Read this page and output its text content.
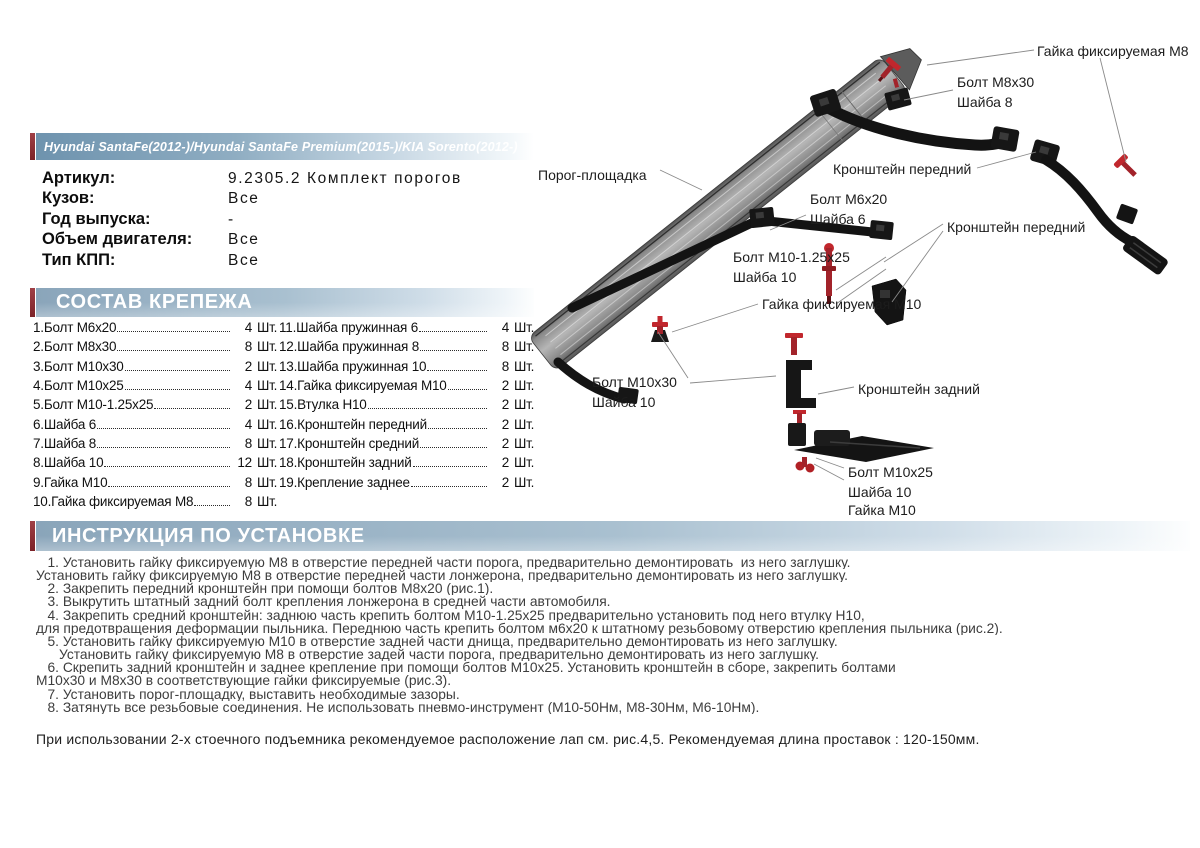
Порог-площадка
Гайка фиксируемая М8
Болт М8х30
Шайба 8
Кронштейн передний
Болт М6х20
Шайба 6	Кронштейн передний
Болт М10-1.25х25
Шайба 10
Гайка фиксируемая М10
Болт М10х30
Шайба 10
Кронштейн задний
Болт М10х25
Шайба 10
Гайка М10
Hyundai SantaFe(2012-)/Hyundai SantaFe Premium(2015-)/KIA Sorento(2012-)
Артикул:	9.2305.2 Комплект порогов
Кузов:	Все
Год выпуска:	-
Объем двигателя:	Все
Тип КПП:	Все
СОСТАВ КРЕПЕЖА
1.Болт М6х20	4 Шт.
2.Болт М8х30	8 Шт.
3.Болт М10х30	2 Шт.
4.Болт М10х25	4 Шт.
5.Болт М10-1.25х25	2 Шт.
6.Шайба 6	4 Шт.
7.Шайба 8	8 Шт.
8.Шайба 10	12 Шт.
9.Гайка М10	8 Шт.
10.Гайка фиксируемая М8	8 Шт.
11.Шайба пружинная 6	4 Шт.
12.Шайба пружинная 8	8 Шт.
13.Шайба пружинная 10	8 Шт.
14.Гайка фиксируемая М10	2 Шт.
15.Втулка Н10	2 Шт.
16.Кронштейн передний	2 Шт.
17.Кронштейн средний	2 Шт.
18.Кронштейн задний	2 Шт.
19.Крепление заднее	2 Шт.
ИНСТРУКЦИЯ ПО УСТАНОВКЕ
1. Установить гайку фиксируемую М8 в отверстие передней части порога, предварительно демонтировать  из него заглушку.
Установить гайку фиксируемую М8 в отверстие передней части лонжерона, предварительно демонтировать из него заглушку.
2. Закрепить передний кронштейн при помощи болтов М8х20 (рис.1).
3. Выкрутить штатный задний болт крепления лонжерона в средней части автомобиля.
4. Закрепить средний кронштейн: заднюю часть крепить болтом М10-1.25х25 предварительно установить под него втулку Н10,
для предотвращения деформации пыльника. Переднюю часть крепить болтом м6х20 к штатному резьбовому отверстию крепления пыльника (рис.2).
5. Установить гайку фиксируемую М10 в отверстие задней части днища, предварительно демонтировать из него заглушку.
Установить гайку фиксируемую М8 в отверстие задей части порога, предварительно демонтировать из него заглушку.
6. Скрепить задний кронштейн и заднее крепление при помощи болтов М10х25. Установить кронштейн в сборе, закрепить болтами
М10х30 и М8х30 в соответствующие гайки фиксируемые (рис.3).
7. Установить порог-площадку, выставить необходимые зазоры.
8. Затянуть все резьбовые соединения. Не использовать пневмо-инструмент (М10-50Нм, М8-30Нм, М6-10Нм).
При использовании 2-х стоечного подъемника рекомендуемое расположение лап см. рис.4,5. Рекомендуемая длина проставок : 120-150мм.
